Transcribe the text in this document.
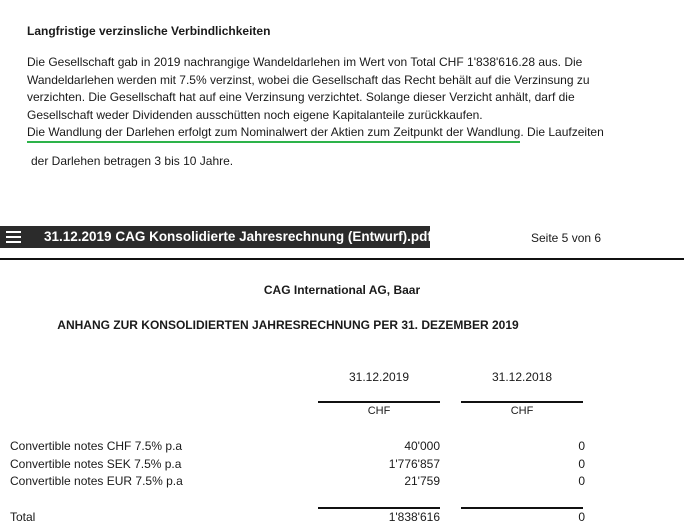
Langfristige verzinsliche Verbindlichkeiten
Die Gesellschaft gab in 2019 nachrangige Wandeldarlehen im Wert von Total CHF 1'838'616.28 aus. Die
Wandeldarlehen werden mit 7.5% verzinst, wobei die Gesellschaft das Recht behält auf die Verzinsung zu
verzichten. Die Gesellschaft hat auf eine Verzinsung verzichtet. Solange dieser Verzicht anhält, darf die
Gesellschaft weder Dividenden ausschütten noch eigene Kapitalanteile zurückkaufen.
Die Wandlung der Darlehen erfolgt zum Nominalwert der Aktien zum Zeitpunkt der Wandlung. Die Laufzeiten
der Darlehen betragen 3 bis 10 Jahre.
31.12.2019 CAG Konsolidierte Jahresrechnung (Entwurf).pdf	Seite 5 von 6
CAG International AG, Baar
ANHANG ZUR KONSOLIDIERTEN JAHRESRECHNUNG PER 31. DEZEMBER 2019
31.12.2019	31.12.2018
CHF	CHF
Convertible notes CHF 7.5% p.a	40'000	0
Convertible notes SEK 7.5% p.a	1'776'857	0
Convertible notes EUR 7.5% p.a	21'759	0
Total	1'838'616	0
